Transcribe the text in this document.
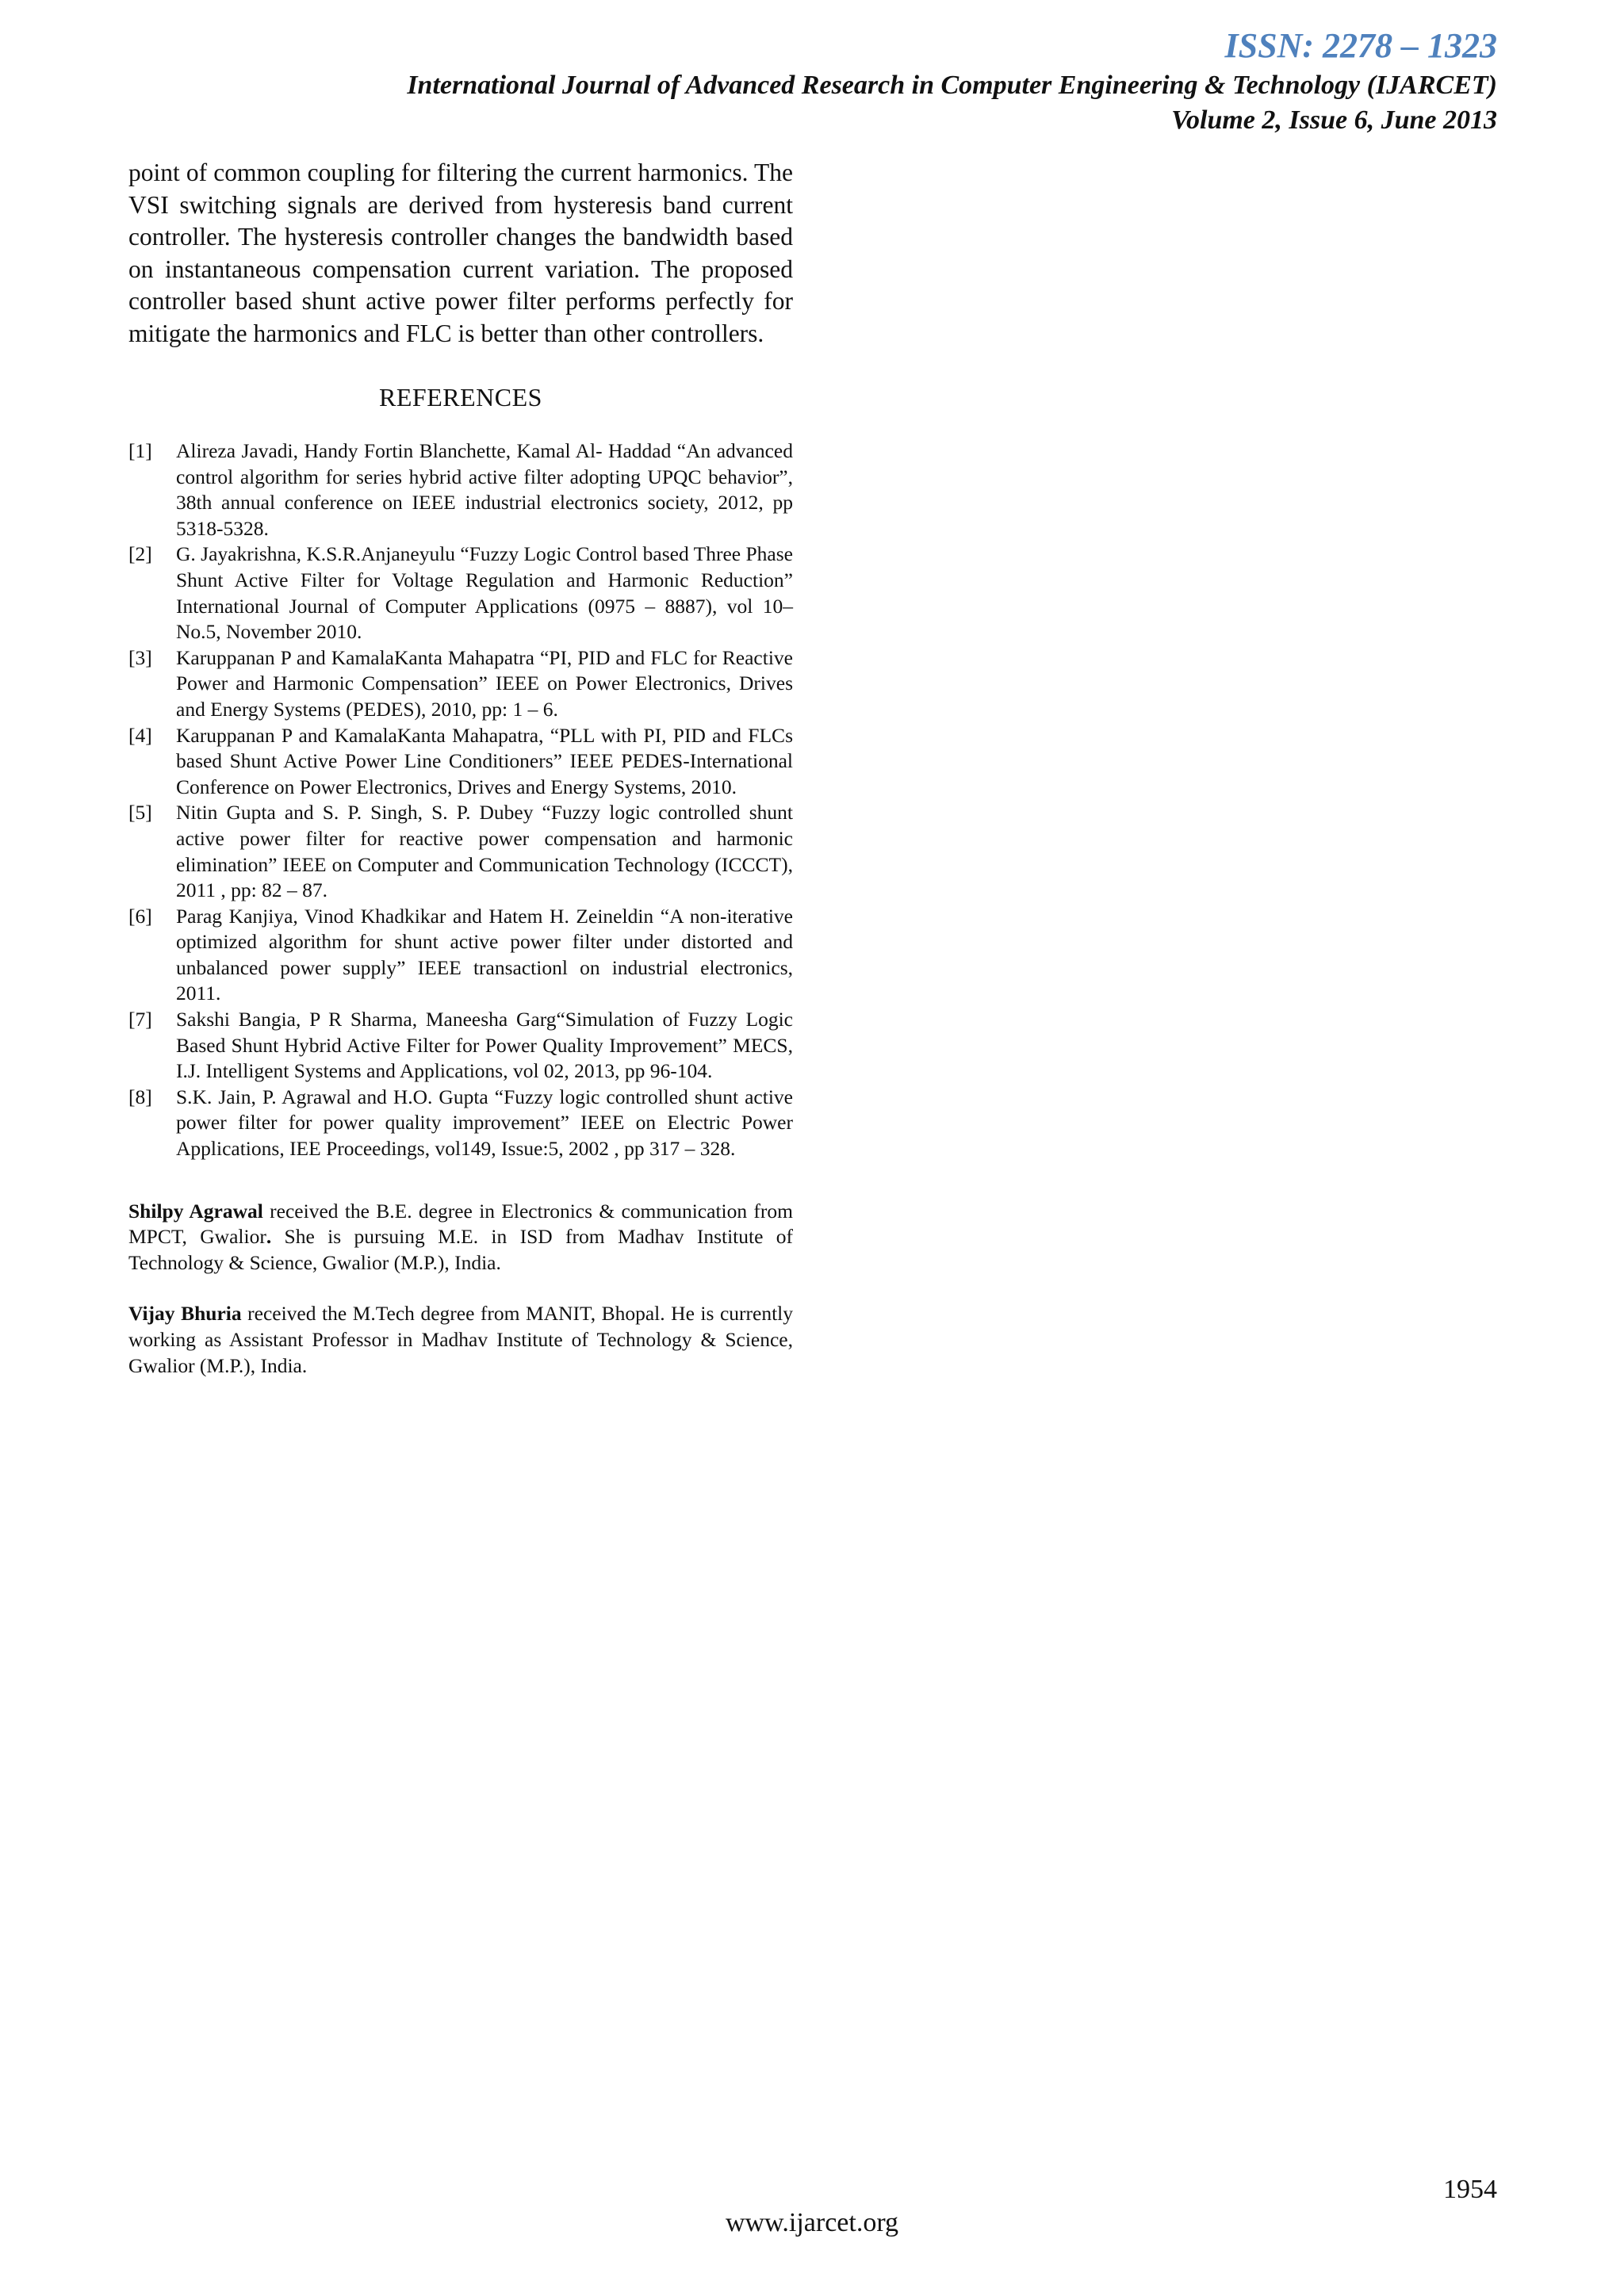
ISSN: 2278 – 1323
International Journal of Advanced Research in Computer Engineering & Technology (IJARCET)
Volume 2, Issue 6, June 2013

point of common coupling for filtering the current harmonics. The VSI switching signals are derived from hysteresis band current controller. The hysteresis controller changes the bandwidth based on instantaneous compensation current variation. The proposed controller based shunt active power filter performs perfectly for mitigate the harmonics and FLC is better than other controllers.

REFERENCES
[1] Alireza Javadi, Handy Fortin Blanchette, Kamal Al- Haddad “An advanced control algorithm for series hybrid active filter adopting UPQC behavior”, 38th annual conference on IEEE industrial electronics society, 2012, pp 5318-5328.
[2] G. Jayakrishna, K.S.R.Anjaneyulu “Fuzzy Logic Control based Three Phase Shunt Active Filter for Voltage Regulation and Harmonic Reduction” International Journal of Computer Applications (0975 – 8887), vol 10– No.5, November 2010.
[3] Karuppanan P and KamalaKanta Mahapatra “PI, PID and FLC for Reactive Power and Harmonic Compensation” IEEE on Power Electronics, Drives and Energy Systems (PEDES), 2010, pp: 1 – 6.
[4] Karuppanan P and KamalaKanta Mahapatra, “PLL with PI, PID and FLCs based Shunt Active Power Line Conditioners” IEEE PEDES-International Conference on Power Electronics, Drives and Energy Systems, 2010.
[5] Nitin Gupta and S. P. Singh, S. P. Dubey “Fuzzy logic controlled shunt active power filter for reactive power compensation and harmonic elimination” IEEE on Computer and Communication Technology (ICCCT), 2011 , pp: 82 – 87.
[6] Parag Kanjiya, Vinod Khadkikar and Hatem H. Zeineldin “A non-iterative optimized algorithm for shunt active power filter under distorted and unbalanced power supply” IEEE transactionl on industrial electronics, 2011.
[7] Sakshi Bangia, P R Sharma, Maneesha Garg“Simulation of Fuzzy Logic Based Shunt Hybrid Active Filter for Power Quality Improvement” MECS, I.J. Intelligent Systems and Applications, vol 02, 2013, pp 96-104.
[8] S.K. Jain, P. Agrawal and H.O. Gupta “Fuzzy logic controlled shunt active power filter for power quality improvement” IEEE on Electric Power Applications, IEE Proceedings, vol149, Issue:5, 2002 , pp 317 – 328.

Shilpy Agrawal received the B.E. degree in Electronics & communication from MPCT, Gwalior. She is pursuing M.E. in ISD from Madhav Institute of Technology & Science, Gwalior (M.P.), India.

Vijay Bhuria received the M.Tech degree from MANIT, Bhopal. He is currently working as Assistant Professor in Madhav Institute of Technology & Science, Gwalior (M.P.), India.

1954
www.ijarcet.org
